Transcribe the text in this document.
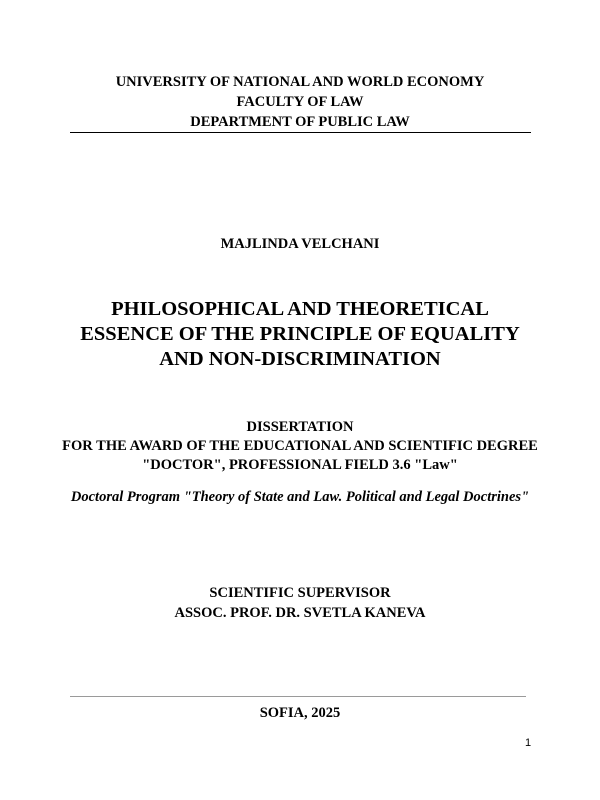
UNIVERSITY OF NATIONAL AND WORLD ECONOMY
FACULTY OF LAW
DEPARTMENT OF PUBLIC LAW
MAJLINDA VELCHANI
PHILOSOPHICAL AND THEORETICAL
ESSENCE OF THE PRINCIPLE OF EQUALITY
AND NON-DISCRIMINATION
DISSERTATION
FOR THE AWARD OF THE EDUCATIONAL AND SCIENTIFIC DEGREE
"DOCTOR", PROFESSIONAL FIELD 3.6 "Law"
Doctoral Program "Theory of State and Law. Political and Legal Doctrines"
SCIENTIFIC SUPERVISOR
ASSOC. PROF. DR. SVETLA KANEVA
SOFIA, 2025
1
